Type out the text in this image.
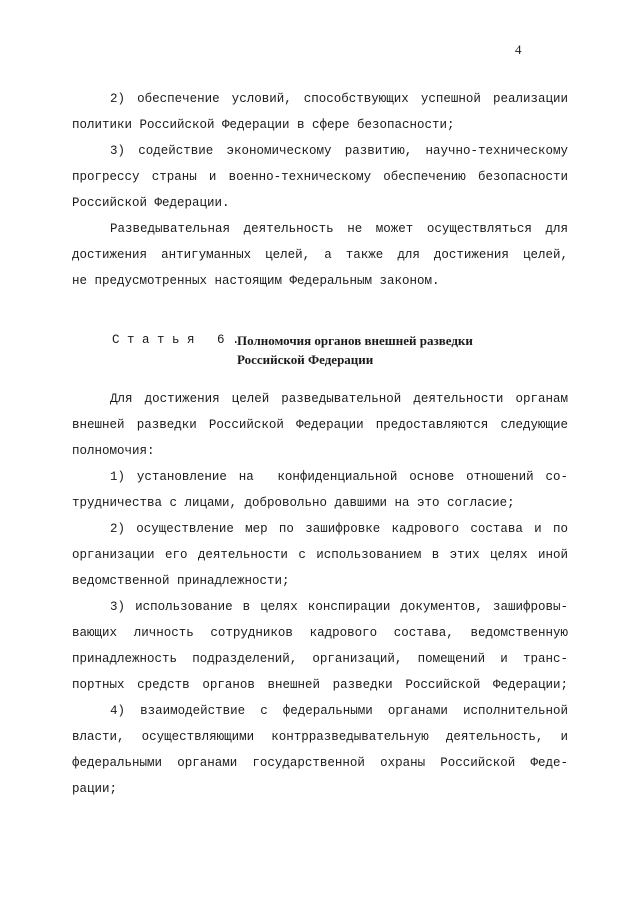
4
2) обеспечение условий, способствующих успешной реализации
политики Российской Федерации в сфере безопасности;
3) содействие экономическому развитию, научно-техническому
прогрессу страны и военно-техническому обеспечению безопасности
Российской Федерации.
Разведывательная деятельность не может осуществляться для
достижения антигуманных целей, а также для достижения целей,
не предусмотренных настоящим Федеральным законом.
Статья 6.
Полномочия органов внешней разведки
Российской Федерации
Для достижения целей разведывательной деятельности органам
внешней разведки Российской Федерации предоставляются следующие
полномочия:
1) установление на  конфиденциальной основе отношений со-
трудничества с лицами, добровольно давшими на это согласие;
2) осуществление мер по зашифровке кадрового состава и по
организации его деятельности с использованием в этих целях иной
ведомственной принадлежности;
3) использование в целях конспирации документов, зашифровы-
вающих личность сотрудников кадрового состава, ведомственную
принадлежность подразделений, организаций, помещений и транс-
портных средств органов внешней разведки Российской Федерации;
4) взаимодействие с федеральными органами исполнительной
власти, осуществляющими контрразведывательную деятельность, и
федеральными органами государственной охраны Российской Феде-
рации;
